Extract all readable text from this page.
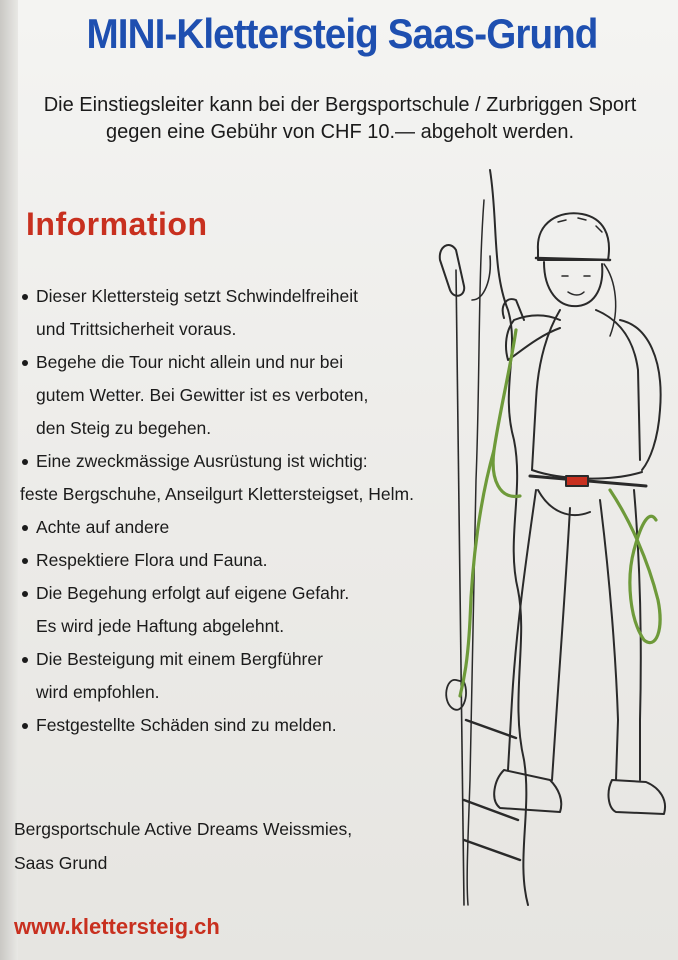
MINI-Klettersteig Saas-Grund
Die Einstiegsleiter kann bei der Bergsportschule / Zurbriggen Sport
gegen eine Gebühr von CHF 10.— abgeholt werden.
Information
Dieser Klettersteig setzt Schwindelfreiheit
und Trittsicherheit voraus.
Begehe die Tour nicht allein und nur bei
gutem Wetter. Bei Gewitter ist es verboten,
den Steig zu begehen.
Eine zweckmässige Ausrüstung ist wichtig:
feste Bergschuhe, Anseilgurt Klettersteigset, Helm.
Achte auf andere
Respektiere Flora und Fauna.
Die Begehung erfolgt auf eigene Gefahr.
Es wird jede Haftung abgelehnt.
Die Besteigung mit einem Bergführer
wird empfohlen.
Festgestellte Schäden sind zu melden.
Bergsportschule Active Dreams Weissmies,
Saas Grund
www.klettersteig.ch
